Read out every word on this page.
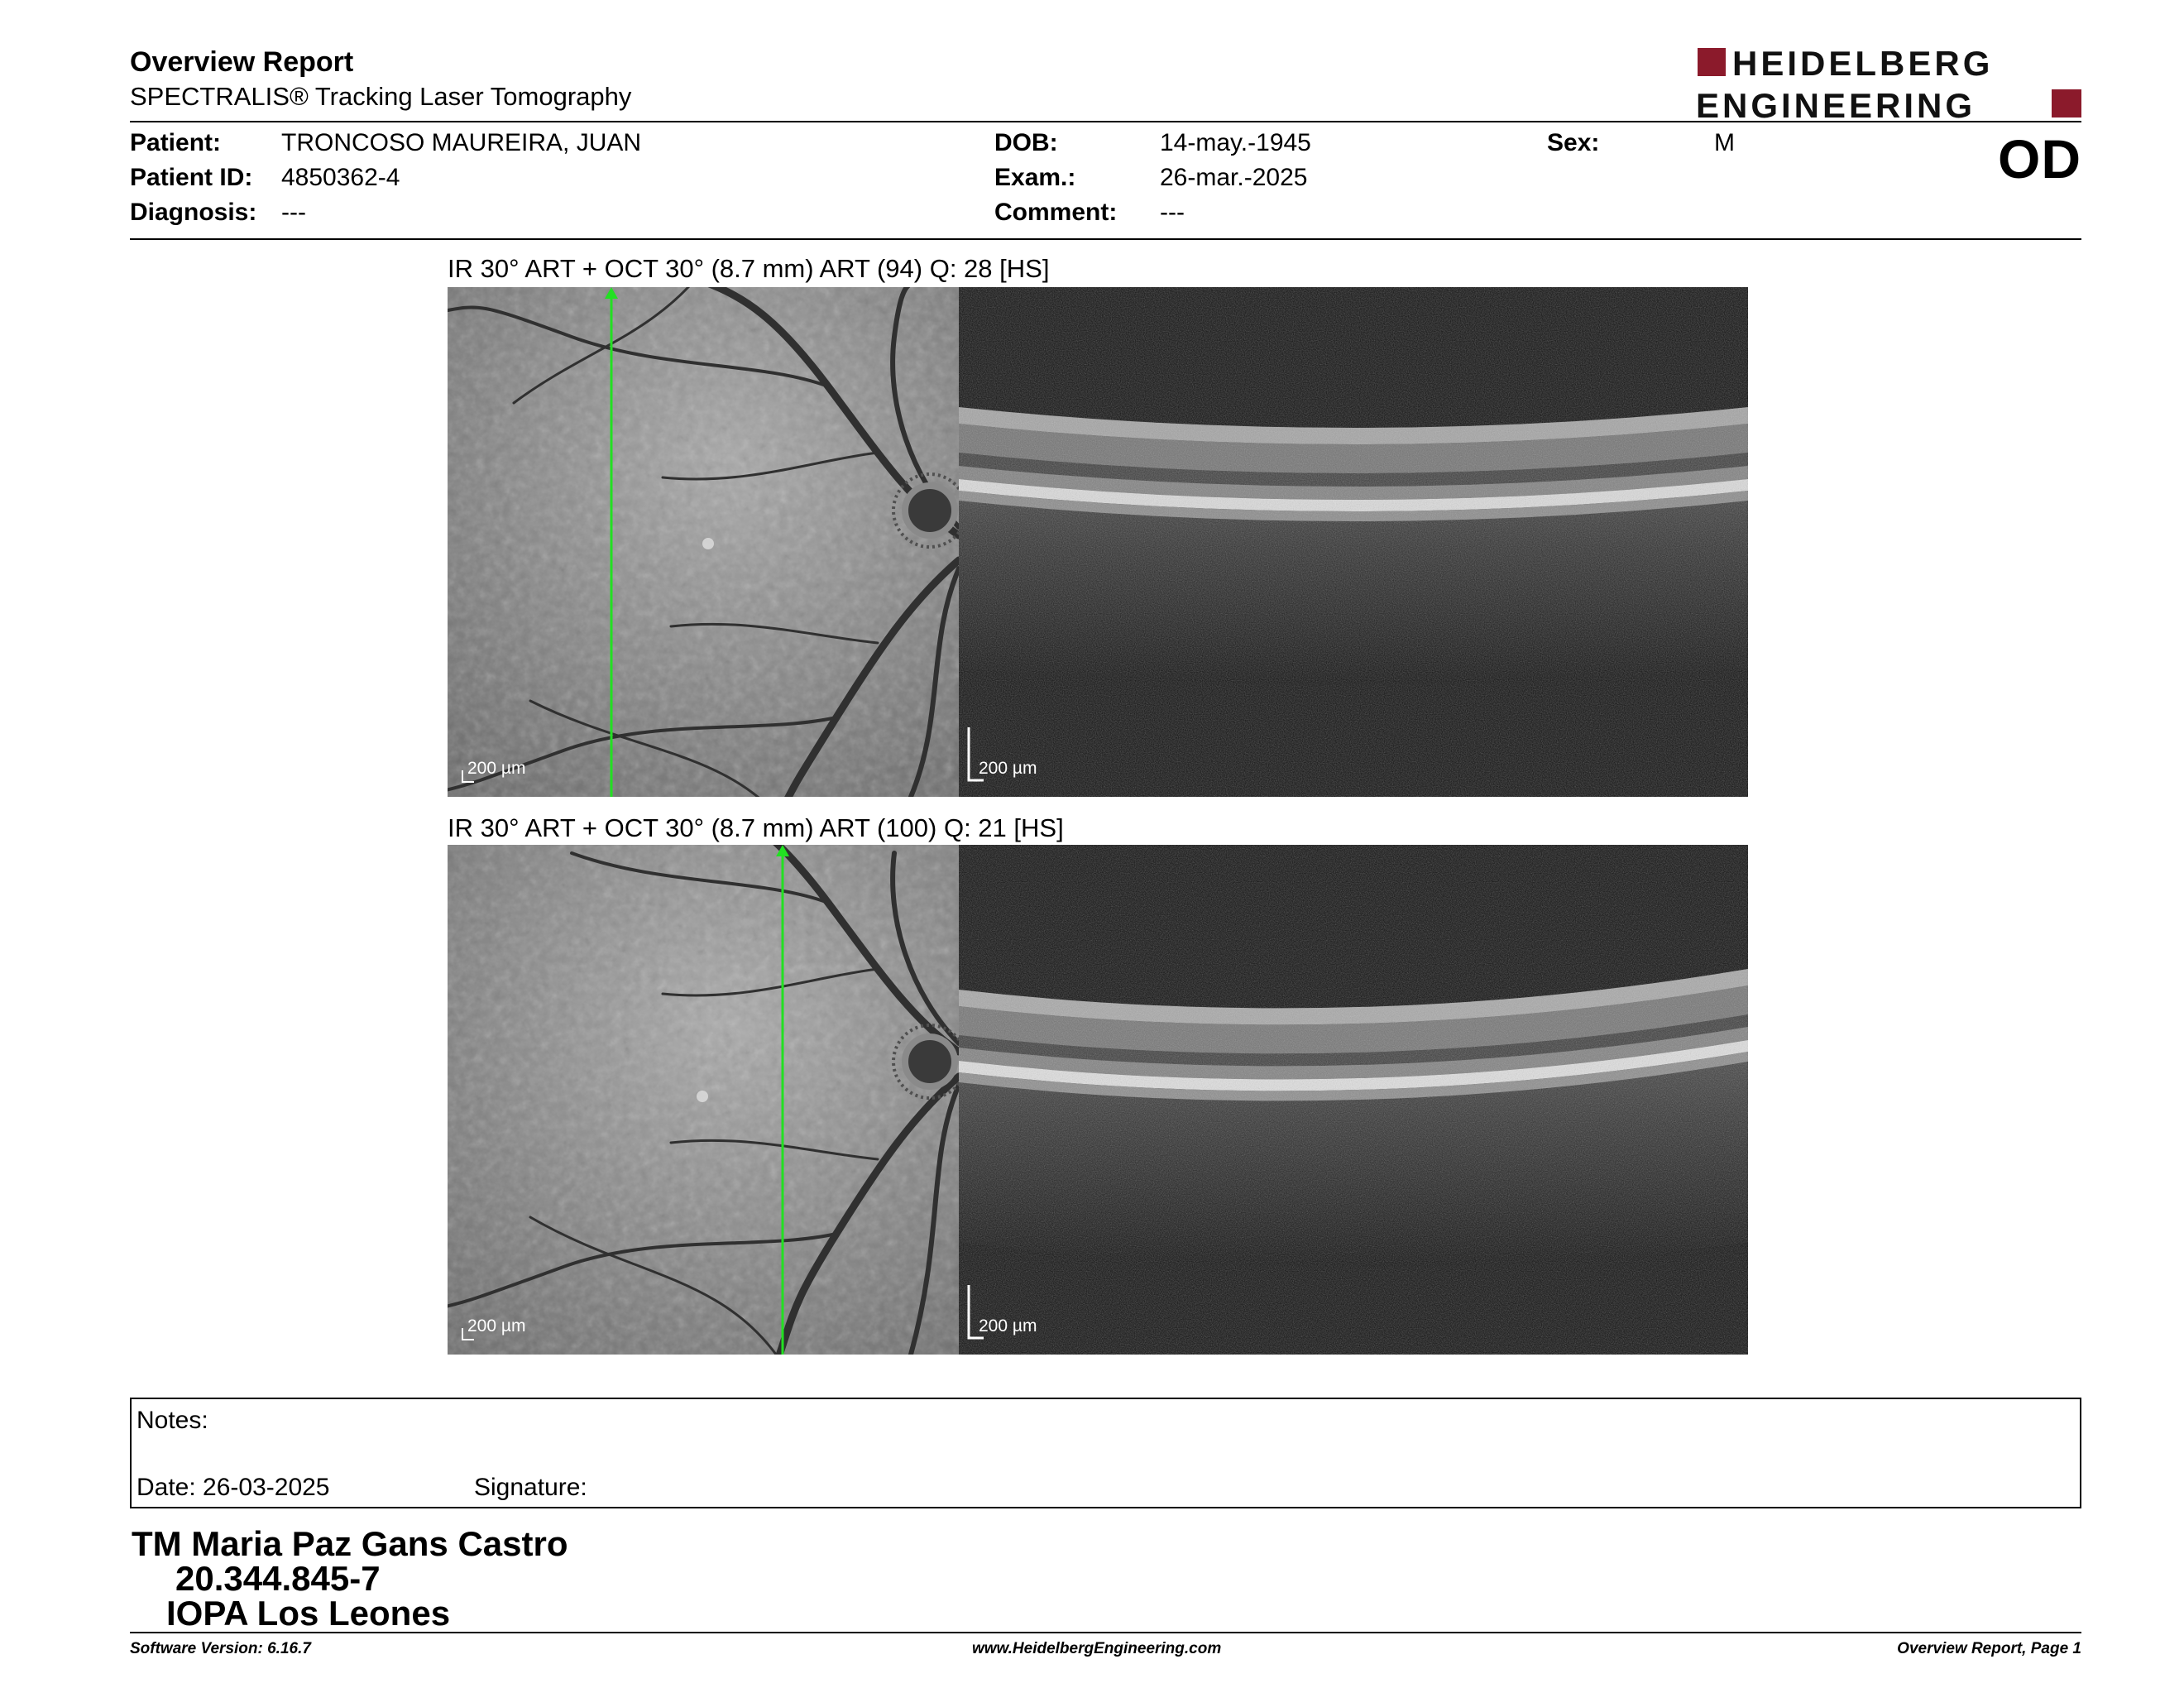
Overview Report
SPECTRALIS® Tracking Laser Tomography
HEIDELBERG
ENGINEERING
Patient: TRONCOSO MAUREIRA, JUAN
Patient ID: 4850362-4
Diagnosis: ---
DOB:	14-may.-1945
Exam.:	26-mar.-2025
Comment: ---
Sex:	M	OD
IR 30° ART + OCT 30° (8.7 mm) ART (94) Q: 28 [HS]
200 µm	200 µm
IR 30° ART + OCT 30° (8.7 mm) ART (100) Q: 21 [HS]
200 µm	200 µm
Notes:
Date: 26-03-2025	Signature:
TM Maria Paz Gans Castro
20.344.845-7
IOPA Los Leones
Software Version: 6.16.7	www.HeidelbergEngineering.com	Overview Report, Page 1
